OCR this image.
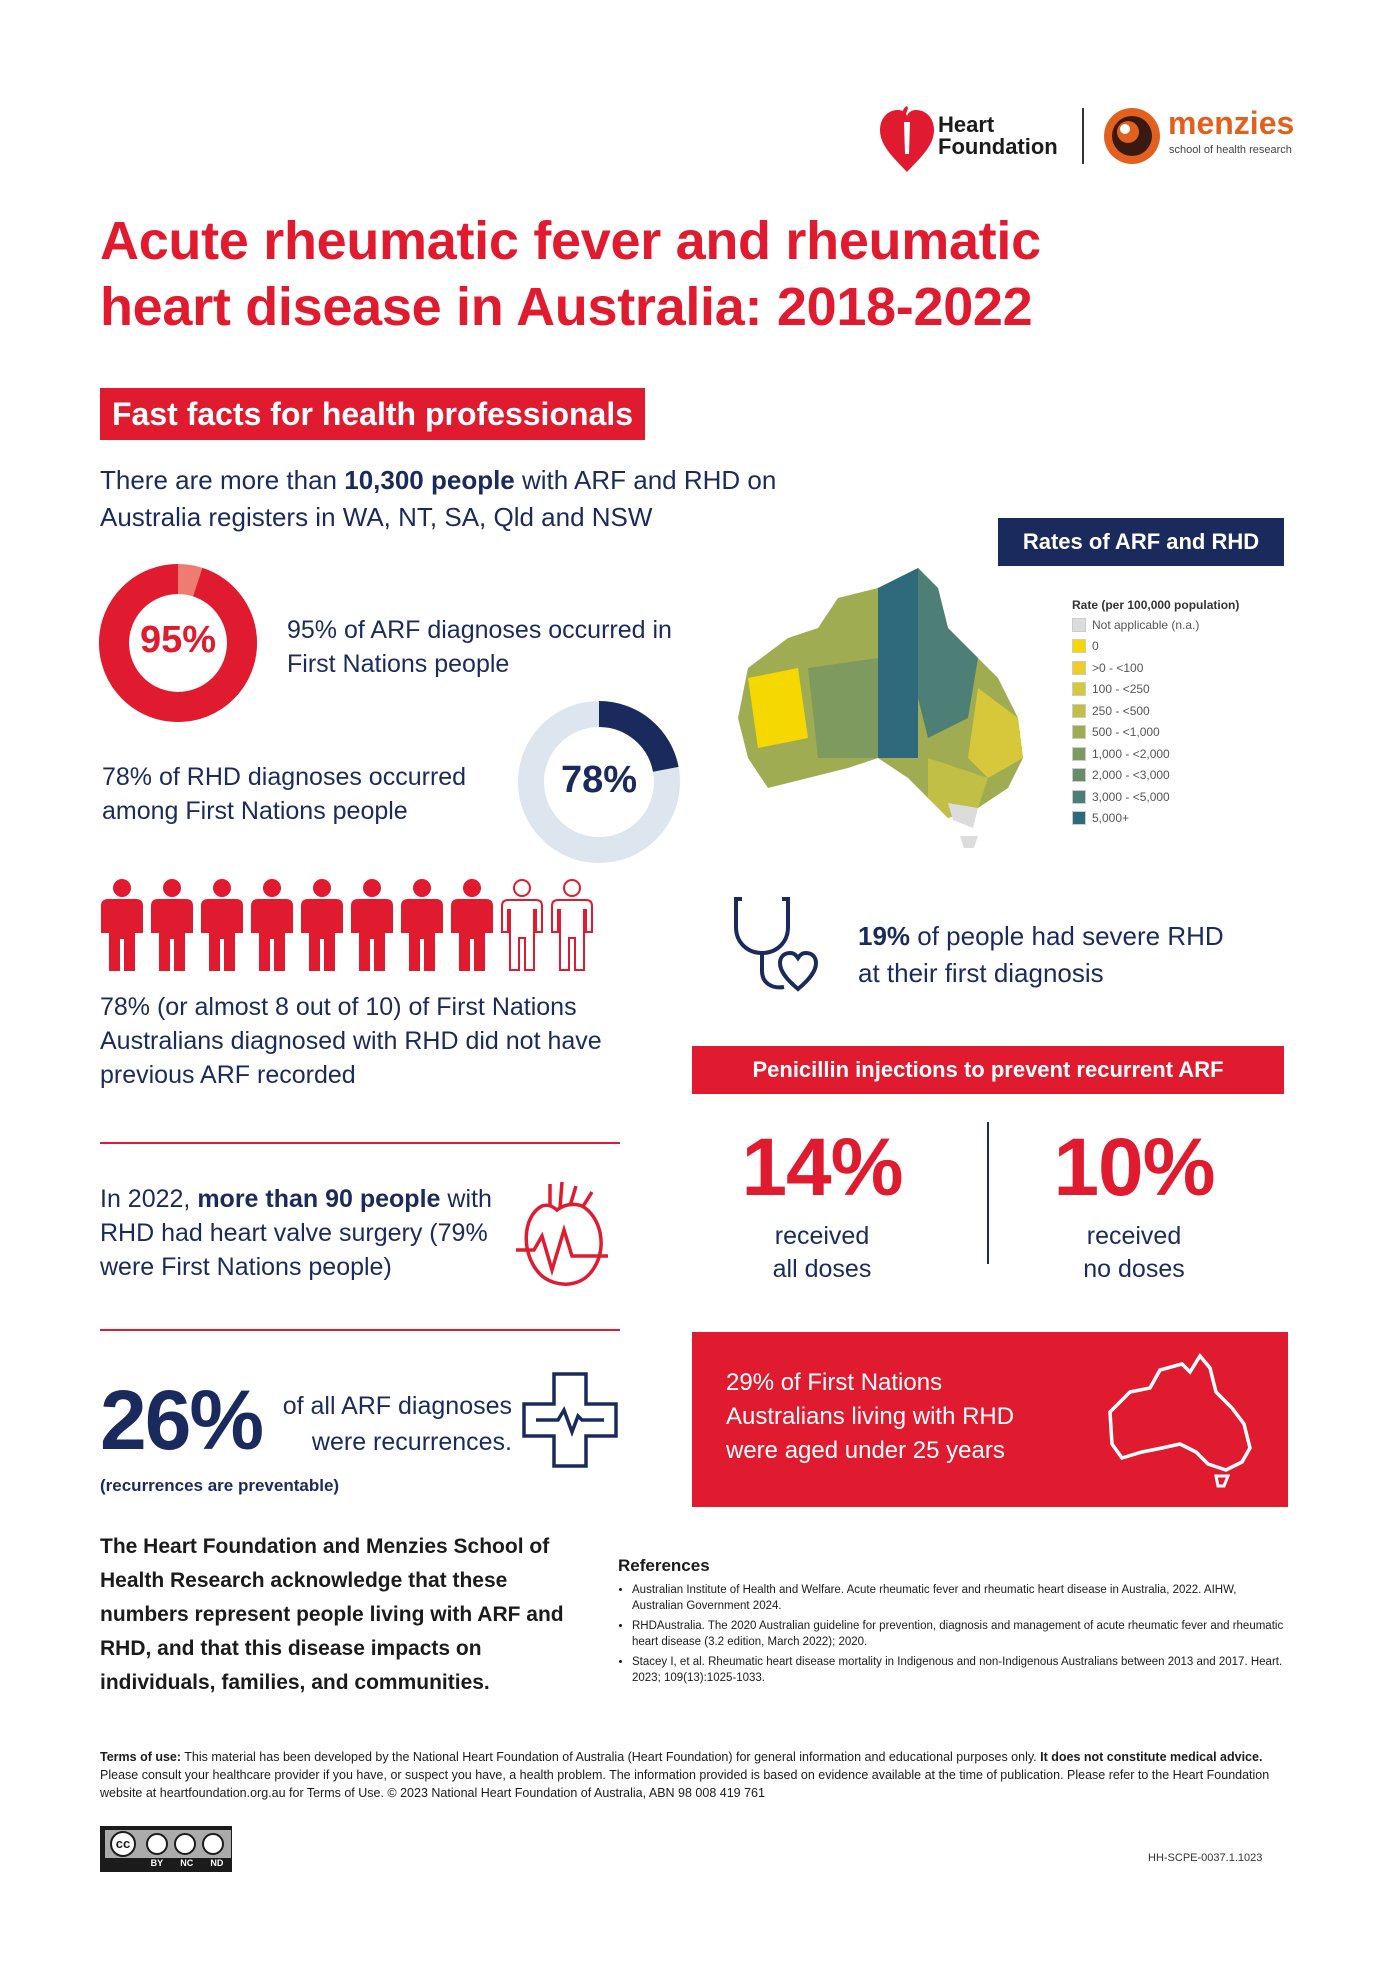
Heart
Foundation
menzies
school of health research
Acute rheumatic fever and rheumatic
heart disease in Australia: 2018-2022
Fast facts for health professionals
There are more than 10,300 people with ARF and RHD on Australia registers in WA, NT, SA, Qld and NSW
95%	95% of ARF diagnoses occurred in First Nations people
78%
78% of RHD diagnoses occurred among First Nations people
78% (or almost 8 out of 10) of First Nations Australians diagnosed with RHD did not have previous ARF recorded
Rates of ARF and RHD
Rate (per 100,000 population)
Not applicable (n.a.)
0
>0 - <100
100 - <250
250 - <500
500 - <1,000
1,000 - <2,000
2,000 - <3,000
3,000 - <5,000
5,000+
19% of people had severe RHD
at their first diagnosis
In 2022, more than 90 people with RHD had heart valve surgery (79% were First Nations people)
Penicillin injections to prevent recurrent ARF
14%
received
all doses
10%
received
no doses
26% of all ARF diagnoses
were recurrences.
(recurrences are preventable)
29% of First Nations
Australians living with RHD
were aged under 25 years
The Heart Foundation and Menzies School of Health Research acknowledge that these numbers represent people living with ARF and RHD, and that this disease impacts on individuals, families, and communities.
References
• Australian Institute of Health and Welfare. Acute rheumatic fever and rheumatic heart disease in Australia, 2022. AIHW, Australian Government 2024.
• RHDAustralia. The 2020 Australian guideline for prevention, diagnosis and management of acute rheumatic fever and rheumatic heart disease (3.2 edition, March 2022); 2020.
• Stacey I, et al. Rheumatic heart disease mortality in Indigenous and non-Indigenous Australians between 2013 and 2017. Heart. 2023; 109(13):1025-1033.
Terms of use: This material has been developed by the National Heart Foundation of Australia (Heart Foundation) for general information and educational purposes only. It does not constitute medical advice. Please consult your healthcare provider if you have, or suspect you have, a health problem. The information provided is based on evidence available at the time of publication. Please refer to the Heart Foundation website at heartfoundation.org.au for Terms of Use. © 2023 National Heart Foundation of Australia, ABN 98 008 419 761
cc
BY NC ND	HH-SCPE-0037.1.1023
